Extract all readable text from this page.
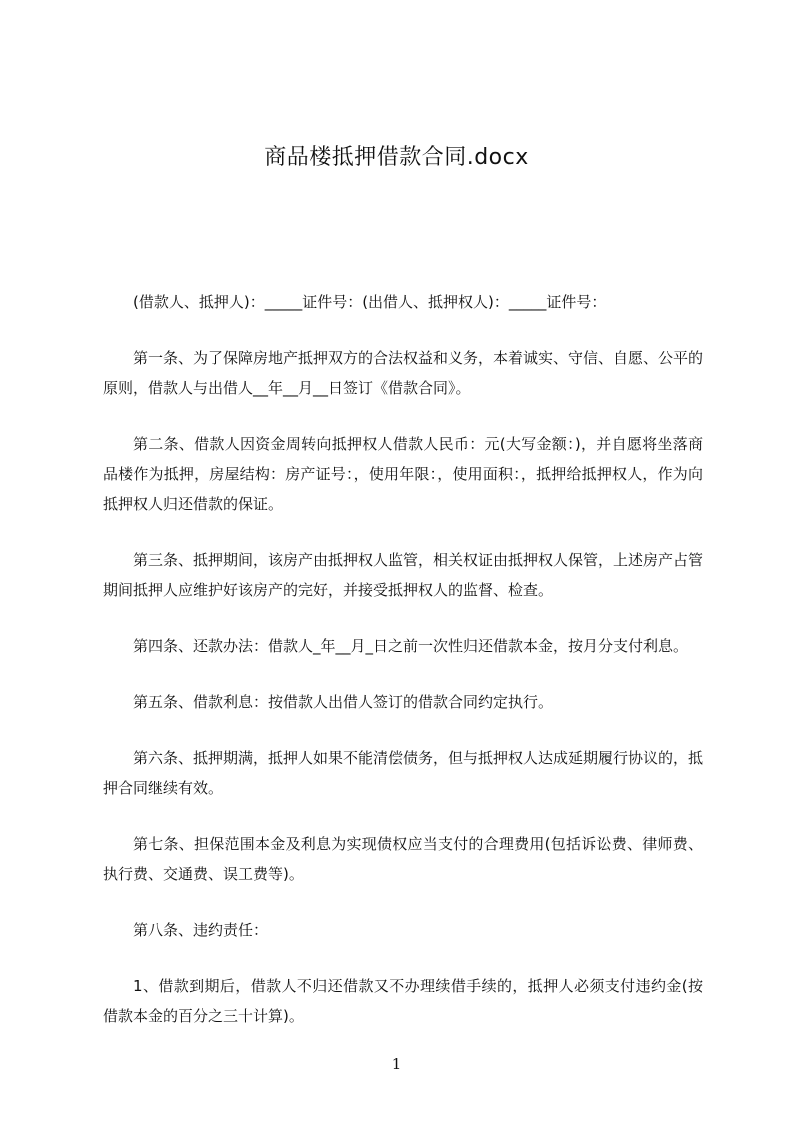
商品楼抵押借款合同.docx

(借款人、抵押人)：_____证件号：(出借人、抵押权人)：_____证件号：

第一条、为了保障房地产抵押双方的合法权益和义务，本着诚实、守信、自愿、公平的原则，借款人与出借人__年__月__日签订《借款合同》。

第二条、借款人因资金周转向抵押权人借款人民币：元(大写金额：)，并自愿将坐落商品楼作为抵押，房屋结构：房产证号：，使用年限：，使用面积：，抵押给抵押权人，作为向抵押权人归还借款的保证。

第三条、抵押期间，该房产由抵押权人监管，相关权证由抵押权人保管，上述房产占管期间抵押人应维护好该房产的完好，并接受抵押权人的监督、检查。

第四条、还款办法：借款人_年__月_日之前一次性归还借款本金，按月分支付利息。

第五条、借款利息：按借款人出借人签订的借款合同约定执行。

第六条、抵押期满，抵押人如果不能清偿债务，但与抵押权人达成延期履行协议的，抵押合同继续有效。

第七条、担保范围本金及利息为实现债权应当支付的合理费用(包括诉讼费、律师费、执行费、交通费、误工费等)。

第八条、违约责任：

1、借款到期后，借款人不归还借款又不办理续借手续的，抵押人必须支付违约金(按借款本金的百分之三十计算)。

1
